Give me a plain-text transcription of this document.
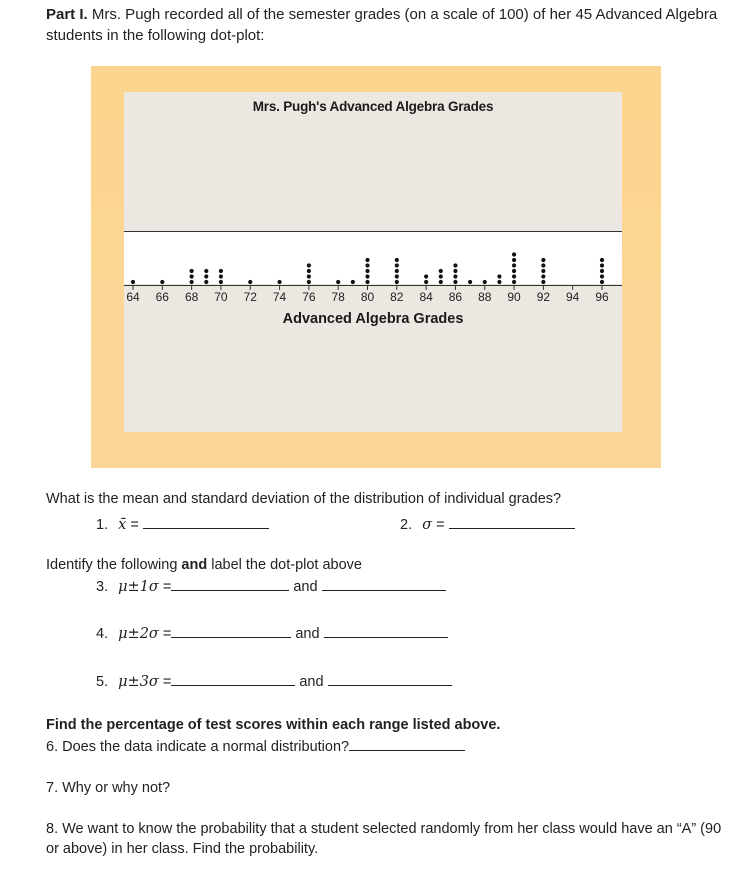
Part I. Mrs. Pugh recorded all of the semester grades (on a scale of 100) of her 45 Advanced Algebra students in the following dot-plot:
64 66 68 70 72 74 76 78 80 82 84 86 88 90 92 94 96
Advanced Algebra Grades
Mrs. Pugh's Advanced Algebra Grades
What is the mean and standard deviation of the distribution of individual grades?
1. x̄ =	2. σ =
Identify the following and label the dot-plot above
3. μ±1σ =	and
4. μ±2σ =	and
5. μ±3σ =	and
Find the percentage of test scores within each range listed above.
6. Does the data indicate a normal distribution?
7. Why or why not?
8. We want to know the probability that a student selected randomly from her class would have an “A” (90 or above) in her class. Find the probability.
